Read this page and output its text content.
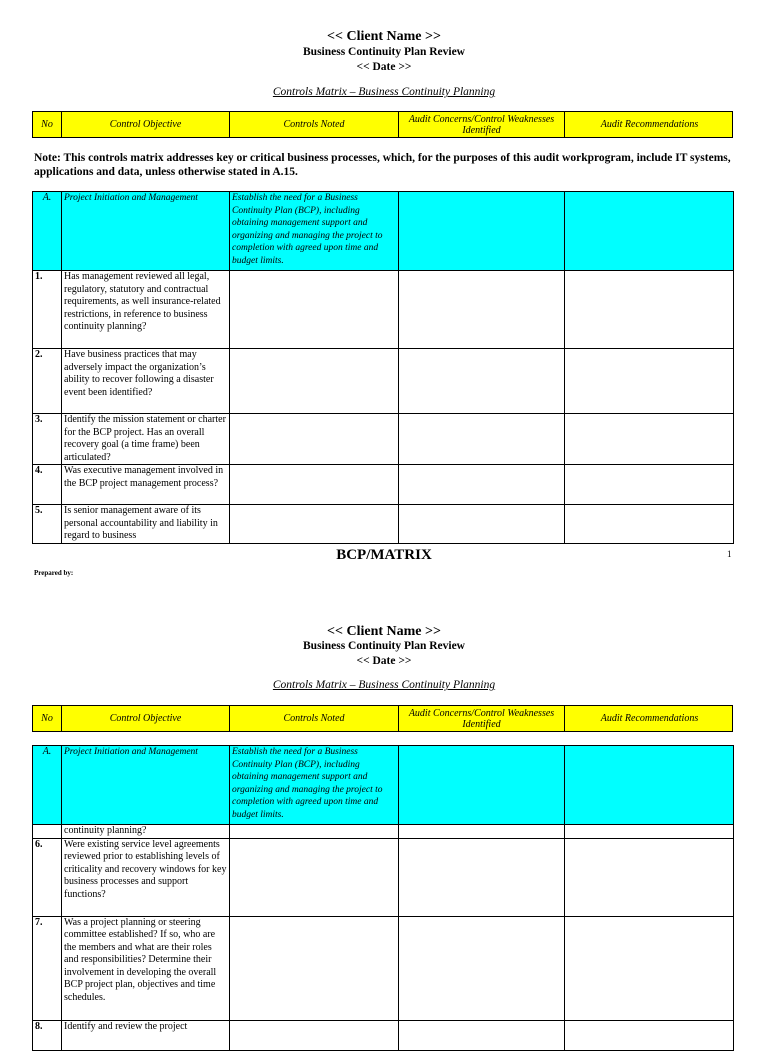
<< Client Name >>
Business Continuity Plan Review
<< Date >>
Controls Matrix – Business Continuity Planning
No	Control Objective	Controls Noted	Audit Concerns/Control Weaknesses Identified	Audit Recommendations
Note: This controls matrix addresses key or critical business processes, which, for the purposes of this audit workprogram, include IT systems, applications and data, unless otherwise stated in A.15.
A.	Project Initiation and Management	Establish the need for a Business Continuity Plan (BCP), including obtaining management support and organizing and managing the project to completion with agreed upon time and budget limits.		
1.	Has management reviewed all legal, regulatory, statutory and contractual requirements, as well insurance-related restrictions, in reference to business continuity planning?			
2.	Have business practices that may adversely impact the organization’s ability to recover following a disaster event been identified?			
3.	Identify the mission statement or charter for the BCP project. Has an overall recovery goal (a time frame) been articulated?			
4.	Was executive management involved in the BCP project management process?			
5.	Is senior management aware of its personal accountability and liability in regard to business			
BCP/MATRIX	1
Prepared by:
<< Client Name >>
Business Continuity Plan Review
<< Date >>
Controls Matrix – Business Continuity Planning
No	Control Objective	Controls Noted	Audit Concerns/Control Weaknesses Identified	Audit Recommendations
A.	Project Initiation and Management	Establish the need for a Business Continuity Plan (BCP), including obtaining management support and organizing and managing the project to completion with agreed upon time and budget limits.		
	continuity planning?			
6.	Were existing service level agreements reviewed prior to establishing levels of criticality and recovery windows for key business processes and support functions?			
7.	Was a project planning or steering committee established? If so, who are the members and what are their roles and responsibilities? Determine their involvement in developing the overall BCP project plan, objectives and time schedules.			
8.	Identify and review the project			
